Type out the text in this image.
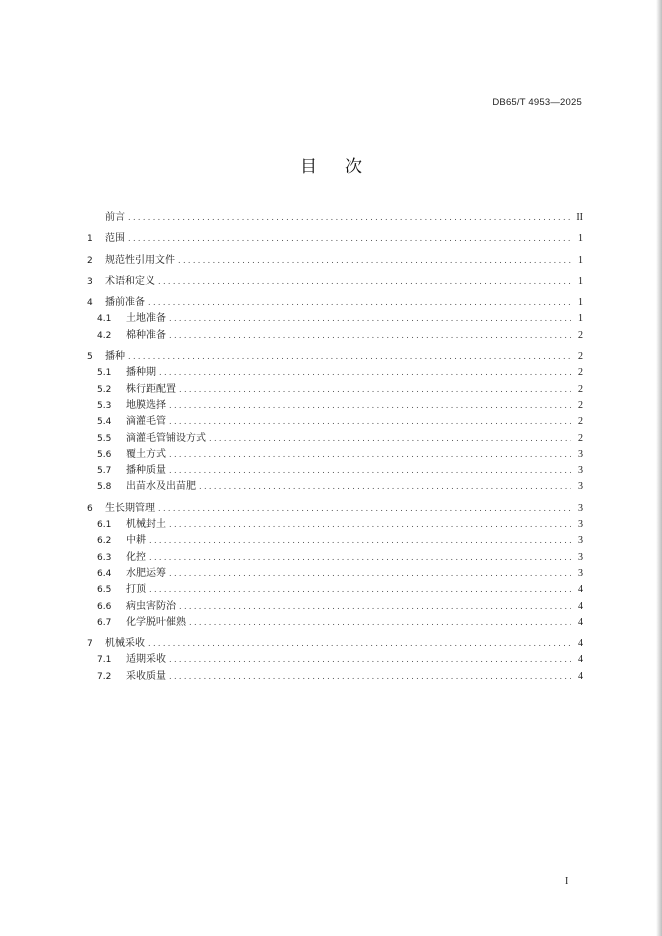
DB65/T 4953—2025
目次
前言 .....	II
1	范围 .....	1
2	规范性引用文件 .....	1
3	术语和定义 .....	1
4	播前准备 .....	1
4.1	土地准备 .....	1
4.2	棉种准备 .....	2
5	播种 .....	2
5.1	播种期 .....	2
5.2	株行距配置 .....	2
5.3	地膜选择 .....	2
5.4	滴灌毛管 .....	2
5.5	滴灌毛管铺设方式 .....	2
5.6	覆土方式 .....	3
5.7	播种质量 .....	3
5.8	出苗水及出苗肥 .....	3
6	生长期管理 .....	3
6.1	机械封土 .....	3
6.2	中耕 .....	3
6.3	化控 .....	3
6.4	水肥运筹 .....	3
6.5	打顶 .....	4
6.6	病虫害防治 .....	4
6.7	化学脱叶催熟 .....	4
7	机械采收 .....	4
7.1	适期采收 .....	4
7.2	采收质量 .....	4
I
